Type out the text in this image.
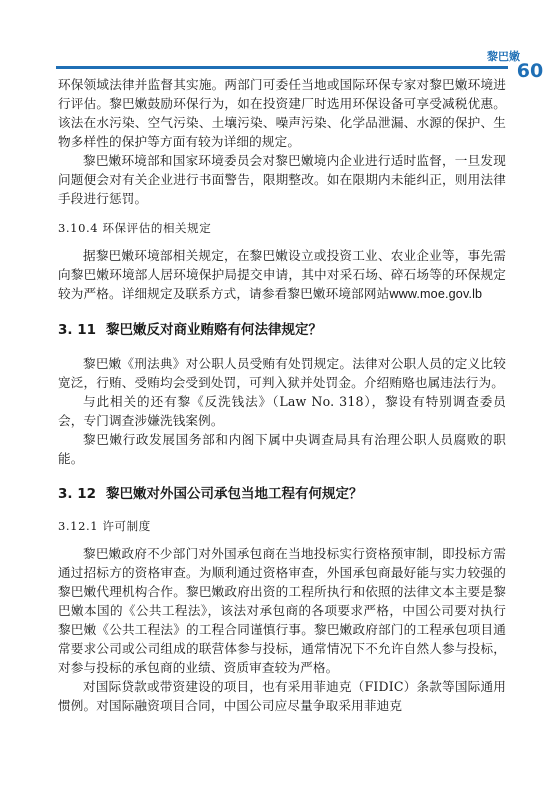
黎巴嫩
60

环保领域法律并监督其实施。两部门可委任当地或国际环保专家对黎巴嫩环境进行评估。黎巴嫩鼓励环保行为，如在投资建厂时选用环保设备可享受减税优惠。该法在水污染、空气污染、土壤污染、噪声污染、化学品泄漏、水源的保护、生物多样性的保护等方面有较为详细的规定。

黎巴嫩环境部和国家环境委员会对黎巴嫩境内企业进行适时监督，一旦发现问题便会对有关企业进行书面警告，限期整改。如在限期内未能纠正，则用法律手段进行惩罚。

3.10.4 环保评估的相关规定

据黎巴嫩环境部相关规定，在黎巴嫩设立或投资工业、农业企业等，事先需向黎巴嫩环境部人居环境保护局提交申请，其中对采石场、碎石场等的环保规定较为严格。详细规定及联系方式，请参看黎巴嫩环境部网站www.moe.gov.lb

3. 11 黎巴嫩反对商业贿赂有何法律规定？

黎巴嫩《刑法典》对公职人员受贿有处罚规定。法律对公职人员的定义比较宽泛，行贿、受贿均会受到处罚，可判入狱并处罚金。介绍贿赂也属违法行为。

与此相关的还有黎《反洗钱法》（Law No. 318），黎设有特别调查委员会，专门调查涉嫌洗钱案例。

黎巴嫩行政发展国务部和内阁下属中央调查局具有治理公职人员腐败的职能。

3. 12 黎巴嫩对外国公司承包当地工程有何规定？
3.12.1 许可制度

黎巴嫩政府不少部门对外国承包商在当地投标实行资格预审制，即投标方需通过招标方的资格审查。为顺利通过资格审查，外国承包商最好能与实力较强的黎巴嫩代理机构合作。黎巴嫩政府出资的工程所执行和依照的法律文本主要是黎巴嫩本国的《公共工程法》，该法对承包商的各项要求严格，中国公司要对执行黎巴嫩《公共工程法》的工程合同谨慎行事。黎巴嫩政府部门的工程承包项目通常要求公司或公司组成的联营体参与投标，通常情况下不允许自然人参与投标，对参与投标的承包商的业绩、资质审查较为严格。

对国际贷款或带资建设的项目，也有采用菲迪克（FIDIC）条款等国际通用惯例。对国际融资项目合同，中国公司应尽量争取采用菲迪克
